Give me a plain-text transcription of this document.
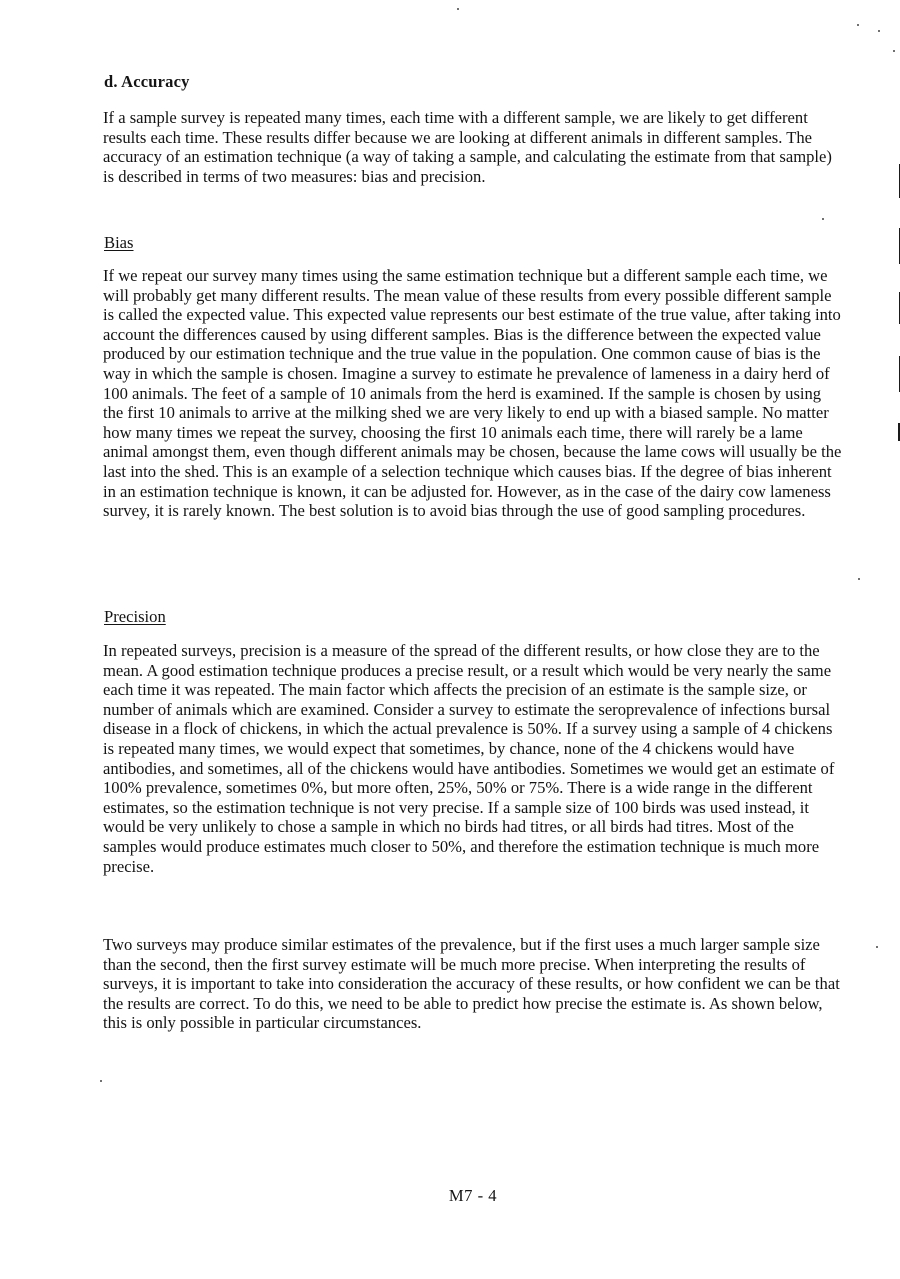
d. Accuracy

If a sample survey is repeated many times, each time with a different sample, we are likely to get different results each time. These results differ because we are looking at different animals in different samples. The accuracy of an estimation technique (a way of taking a sample, and calculating the estimate from that sample) is described in terms of two measures: bias and precision.

Bias

If we repeat our survey many times using the same estimation technique but a different sample each time, we will probably get many different results. The mean value of these results from every possible different sample is called the expected value. This expected value represents our best estimate of the true value, after taking into account the differences caused by using different samples. Bias is the difference between the expected value produced by our estimation technique and the true value in the population. One common cause of bias is the way in which the sample is chosen. Imagine a survey to estimate he prevalence of lameness in a dairy herd of 100 animals. The feet of a sample of 10 animals from the herd is examined. If the sample is chosen by using the first 10 animals to arrive at the milking shed we are very likely to end up with a biased sample. No matter how many times we repeat the survey, choosing the first 10 animals each time, there will rarely be a lame animal amongst them, even though different animals may be chosen, because the lame cows will usually be the last into the shed. This is an example of a selection technique which causes bias. If the degree of bias inherent in an estimation technique is known, it can be adjusted for. However, as in the case of the dairy cow lameness survey, it is rarely known. The best solution is to avoid bias through the use of good sampling procedures.

Precision

In repeated surveys, precision is a measure of the spread of the different results, or how close they are to the mean. A good estimation technique produces a precise result, or a result which would be very nearly the same each time it was repeated. The main factor which affects the precision of an estimate is the sample size, or number of animals which are examined. Consider a survey to estimate the seroprevalence of infections bursal disease in a flock of chickens, in which the actual prevalence is 50%. If a survey using a sample of 4 chickens is repeated many times, we would expect that sometimes, by chance, none of the 4 chickens would have antibodies, and sometimes, all of the chickens would have antibodies. Sometimes we would get an estimate of 100% prevalence, sometimes 0%, but more often, 25%, 50% or 75%. There is a wide range in the different estimates, so the estimation technique is not very precise. If a sample size of 100 birds was used instead, it would be very unlikely to chose a sample in which no birds had titres, or all birds had titres. Most of the samples would produce estimates much closer to 50%, and therefore the estimation technique is much more precise.

Two surveys may produce similar estimates of the prevalence, but if the first uses a much larger sample size than the second, then the first survey estimate will be much more precise. When interpreting the results of surveys, it is important to take into consideration the accuracy of these results, or how confident we can be that the results are correct. To do this, we need to be able to predict how precise the estimate is. As shown below, this is only possible in particular circumstances.

M7 - 4
